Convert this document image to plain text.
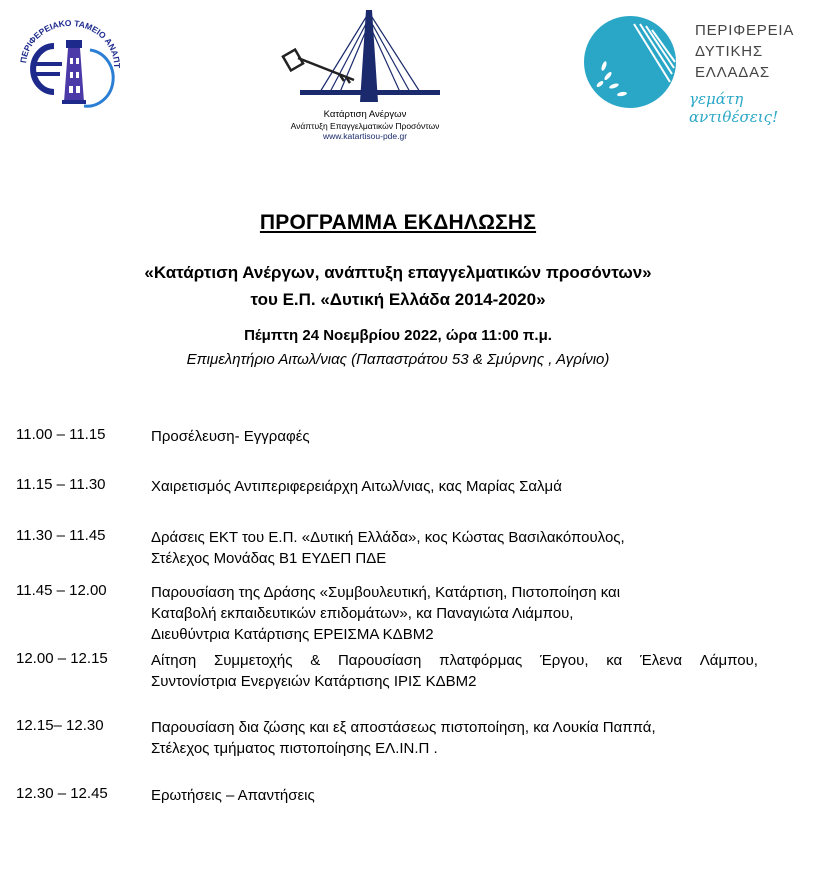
ΠΕΡΙΦΕΡΕΙΑΚΟ ΤΑΜΕΙΟ ΑΝΑΠΤ
Κατάρτιση Ανέργων
Ανάπτυξη Επαγγελματικών Προσόντων
www.katartisou-pde.gr
ΠΕΡΙΦΕΡΕΙΑ
ΔΥΤΙΚΗΣ
ΕΛΛΑΔΑΣ
γεμάτη αντιθέσεις!
ΠΡΟΓΡΑΜΜΑ ΕΚΔΗΛΩΣΗΣ
«Κατάρτιση Ανέργων, ανάπτυξη επαγγελματικών προσόντων»
του Ε.Π. «Δυτική Ελλάδα 2014-2020»
Πέμπτη 24 Νοεμβρίου 2022, ώρα 11:00 π.μ.
Επιμελητήριο Αιτωλ/νιας (Παπαστράτου 53 & Σμύρνης , Αγρίνιο)
11.00 – 11.15	Προσέλευση- Εγγραφές
11.15 – 11.30	Χαιρετισμός Αντιπεριφερειάρχη Αιτωλ/νιας, κας Μαρίας Σαλμά
11.30 – 11.45	Δράσεις ΕΚΤ του Ε.Π. «Δυτική Ελλάδα», κος Κώστας Βασιλακόπουλος,
Στέλεχος Μονάδας Β1 ΕΥΔΕΠ ΠΔΕ
11.45 – 12.00	Παρουσίαση της Δράσης «Συμβουλευτική, Κατάρτιση, Πιστοποίηση και
Καταβολή εκπαιδευτικών επιδομάτων», κα Παναγιώτα Λιάμπου,
Διευθύντρια Κατάρτισης ΕΡΕΙΣΜΑ ΚΔΒΜ2
12.00 – 12.15	Αίτηση Συμμετοχής & Παρουσίαση πλατφόρμας Έργου, κα Έλενα Λάμπου,
Συντονίστρια Ενεργειών Κατάρτισης ΙΡΙΣ ΚΔΒΜ2
12.15– 12.30	Παρουσίαση δια ζώσης και εξ αποστάσεως πιστοποίηση, κα Λουκία Παππά,
Στέλεχος τμήματος πιστοποίησης ΕΛ.ΙΝ.Π .
12.30 – 12.45	Ερωτήσεις – Απαντήσεις
